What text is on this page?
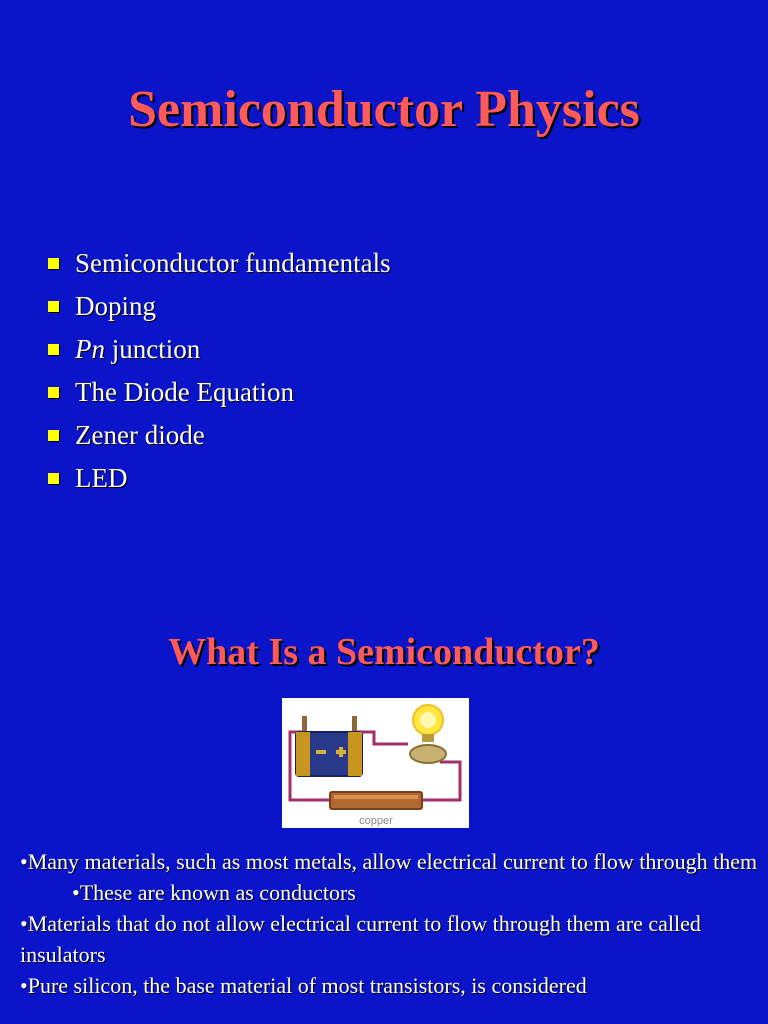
Semiconductor Physics
Semiconductor fundamentals
Doping
Pn junction
The Diode Equation
Zener diode
LED
What Is a Semiconductor?
copper

•Many materials, such as most metals, allow electrical current to flow through them

•These are known as conductors

•Materials that do not allow electrical current to flow through them are called insulators

•Pure silicon, the base material of most transistors, is considered
